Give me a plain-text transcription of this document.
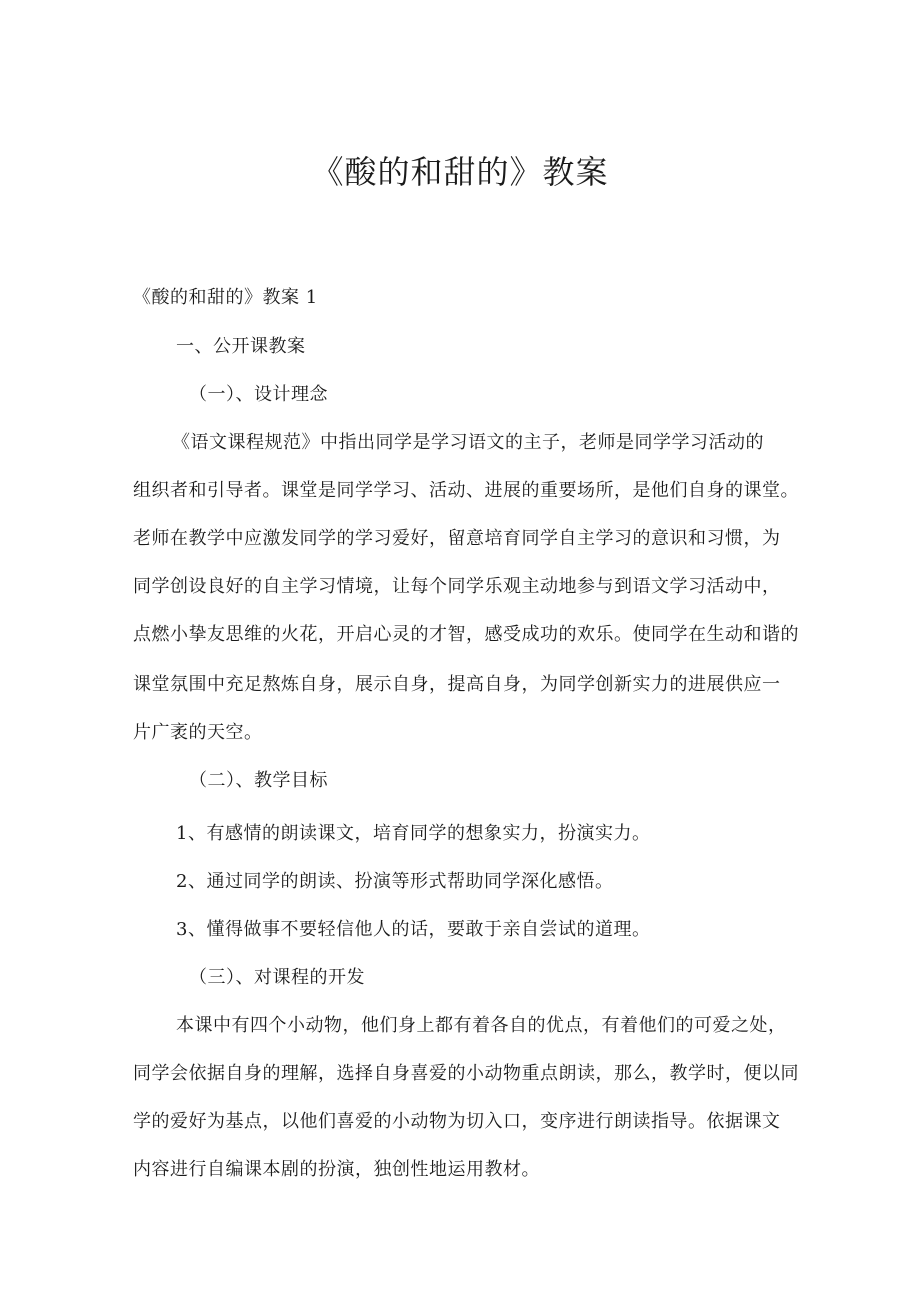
《酸的和甜的》教案
《酸的和甜的》教案 1
一、公开课教案
（一）、设计理念
《语文课程规范》中指出同学是学习语文的主子，老师是同学学习活动的
组织者和引导者。课堂是同学学习、活动、进展的重要场所，是他们自身的课堂。
老师在教学中应激发同学的学习爱好，留意培育同学自主学习的意识和习惯，为
同学创设良好的自主学习情境，让每个同学乐观主动地参与到语文学习活动中，
点燃小挚友思维的火花，开启心灵的才智，感受成功的欢乐。使同学在生动和谐的
课堂氛围中充足熬炼自身，展示自身，提高自身，为同学创新实力的进展供应一
片广袤的天空。
（二）、教学目标
1、有感情的朗读课文，培育同学的想象实力，扮演实力。
2、通过同学的朗读、扮演等形式帮助同学深化感悟。
3、懂得做事不要轻信他人的话，要敢于亲自尝试的道理。
（三）、对课程的开发
本课中有四个小动物，他们身上都有着各自的优点，有着他们的可爱之处，
同学会依据自身的理解，选择自身喜爱的小动物重点朗读，那么，教学时，便以同
学的爱好为基点，以他们喜爱的小动物为切入口，变序进行朗读指导。依据课文
内容进行自编课本剧的扮演，独创性地运用教材。
